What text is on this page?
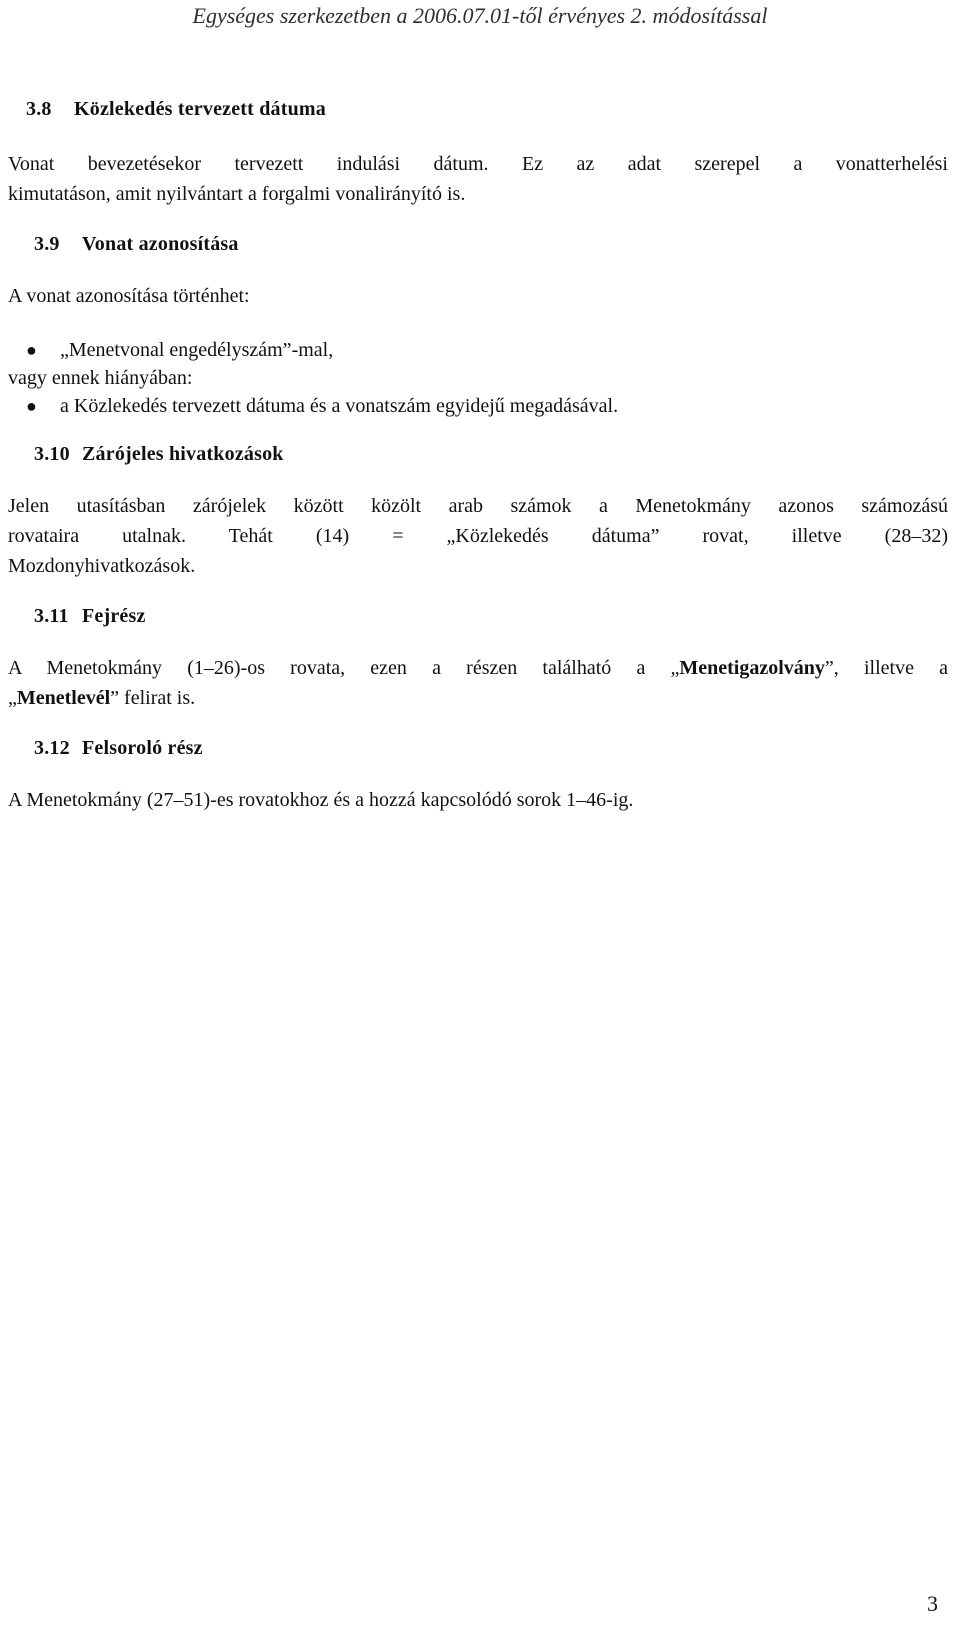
Egységes szerkezetben a 2006.07.01-től érvényes 2. módosítással
3.8 Közlekedés tervezett dátuma

Vonat bevezetésekor tervezett indulási dátum. Ez az adat szerepel a vonatterhelési
kimutatáson, amit nyilvántart a forgalmi vonalirányító is.

3.9 Vonat azonosítása

A vonat azonosítása történhet:

●	„Menetvonal engedélyszám”-mal,

vagy ennek hiányában:

●	a Közlekedés tervezett dátuma és a vonatszám egyidejű megadásával.
3.10 Zárójeles hivatkozások

Jelen utasításban zárójelek között közölt arab számok a Menetokmány azonos számozású
rovataira utalnak. Tehát (14) = „Közlekedés dátuma” rovat, illetve (28–32)
Mozdonyhivatkozások.

3.11 Fejrész

A Menetokmány (1–26)-os rovata, ezen a részen található a „Menetigazolvány”, illetve a
„Menetlevél” felirat is.

3.12 Felsoroló rész

A Menetokmány (27–51)-es rovatokhoz és a hozzá kapcsolódó sorok 1–46-ig.

3
